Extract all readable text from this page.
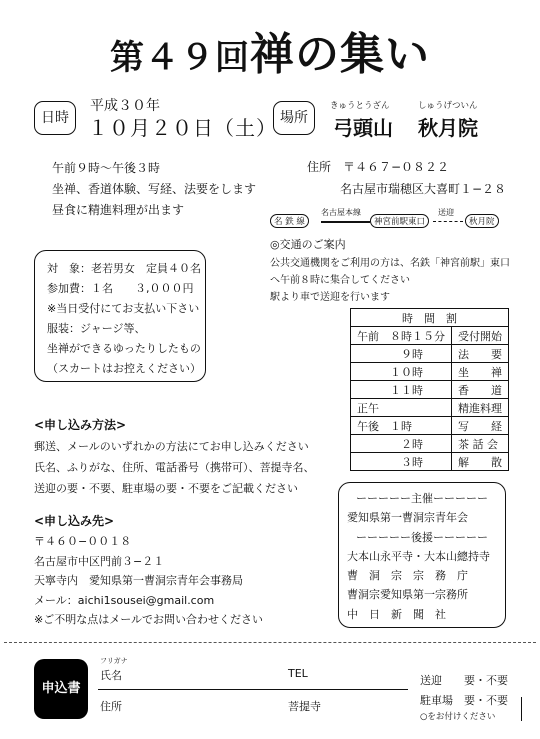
第４９回禅の集い
日時
平成３０年
１０月２０日（土） 場所
きゅうとうざん	しゅうげついん
弓頭山 秋月院
午前９時〜午後３時
坐禅、香道体験、写経、法要をします
昼食に精進料理が出ます
住所　〒４６７−０８２２
名古屋市瑞穂区大喜町１−２８
名 鉄 線
名古屋本線
神宮前駅東口
送迎
秋月院
◎交通のご案内
公共交通機関をご利用の方は、名鉄「神宮前駅」東口
へ午前８時に集合してください
駅より車で送迎を行います
対　象：老若男女　定員４０名
参加費：１名　　３,０００円
※当日受付にてお支払い下さい
服装：ジャージ等、
坐禅ができるゆったりしたもの
（スカートはお控えください）
時　間　割	
午前　８時１５分	受付開始
　　　　９時	法　　要
　　　１０時	坐　　禅
　　　１１時	香　　道
正午	精進料理
午後　１時	写　　経
　　　　２時	茶 話 会
　　　　３時	解　　散
<申し込み方法>
郵送、メールのいずれかの方法にてお申し込みください
氏名、ふりがな、住所、電話番号（携帯可）、菩提寺名、
送迎の要・不要、駐車場の要・不要をご記載ください
<申し込み先>
〒４６０−００１８
名古屋市中区門前３−２１
天寧寺内　愛知県第一曹洞宗青年会事務局
メール：aichi1sousei@gmail.com
※ご不明な点はメールでお問い合わせください
ーーーーー主催ーーーーー
愛知県第一曹洞宗青年会
ーーーーー後援ーーーーー
大本山永平寺・大本山總持寺
曹　洞　宗　宗　務　庁
曹洞宗愛知県第一宗務所
中　日　新　聞　社
申込書
フリガナ
氏名	TEL
住所	菩提寺
送迎　　要・不要
駐車場　要・不要
○をお付けください
